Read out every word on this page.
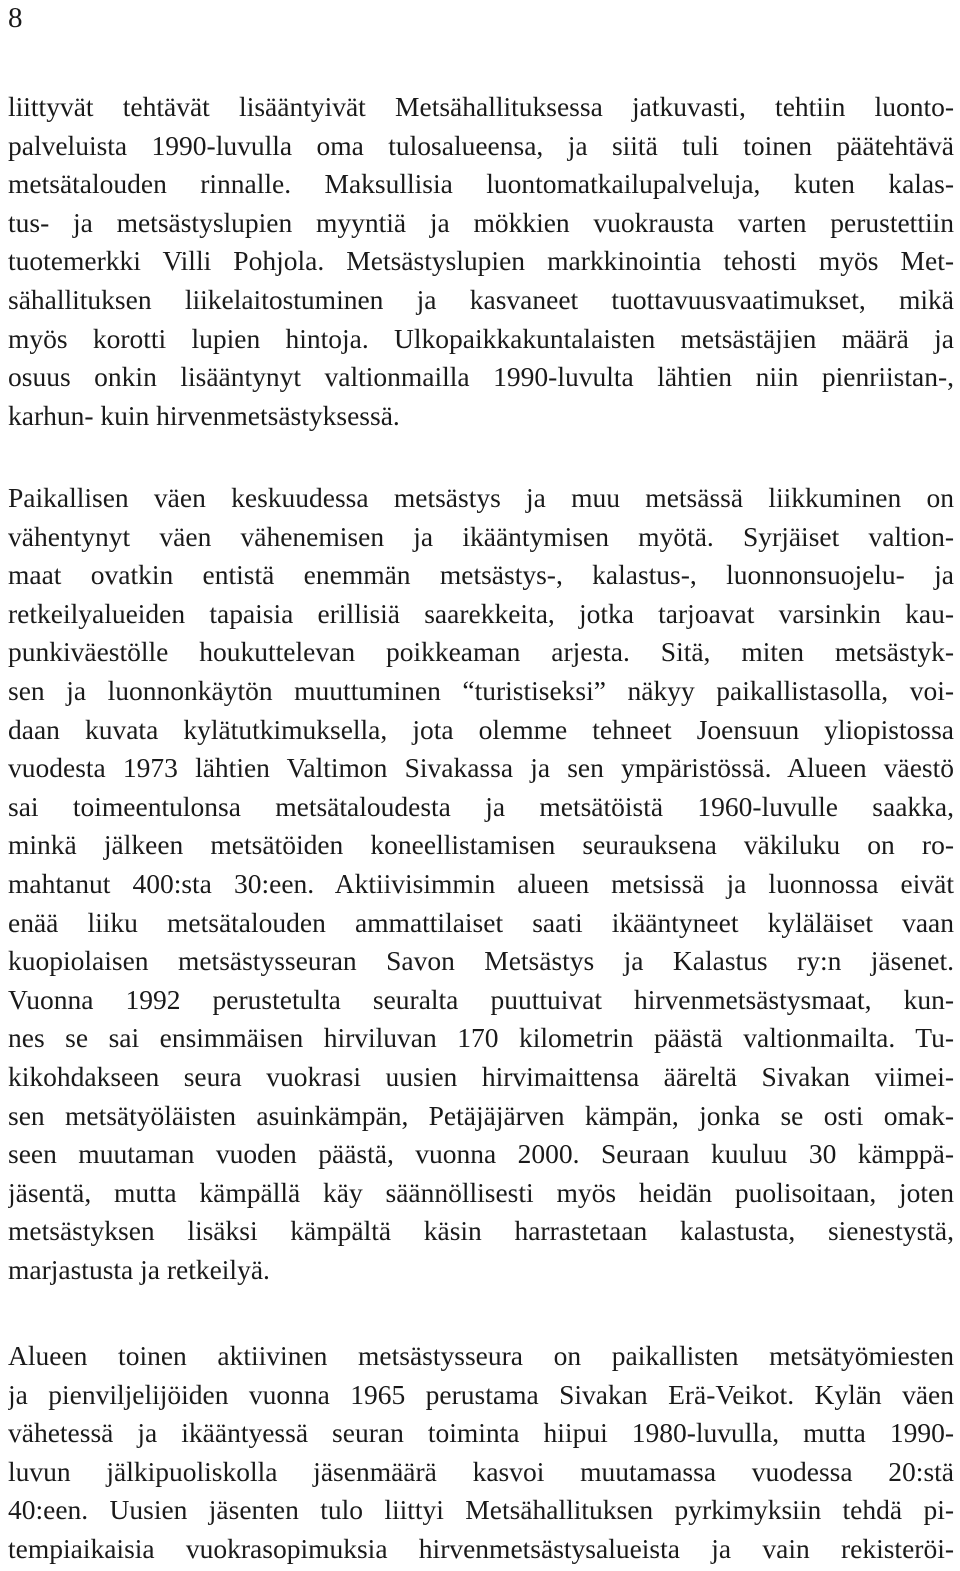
8
liittyvät tehtävät lisääntyivät Metsähallituksessa jatkuvasti, tehtiin luonto-
palveluista 1990-luvulla oma tulosalueensa, ja siitä tuli toinen päätehtävä
metsätalouden rinnalle. Maksullisia luontomatkailupalveluja, kuten kalas-
tus- ja metsästyslupien myyntiä ja mökkien vuokrausta varten perustettiin
tuotemerkki Villi Pohjola. Metsästyslupien markkinointia tehosti myös Met-
sähallituksen liikelaitostuminen ja kasvaneet tuottavuusvaatimukset, mikä
myös korotti lupien hintoja. Ulkopaikkakuntalaisten metsästäjien määrä ja
osuus onkin lisääntynyt valtionmailla 1990-luvulta lähtien niin pienriistan-,
karhun- kuin hirvenmetsästyksessä.
Paikallisen väen keskuudessa metsästys ja muu metsässä liikkuminen on
vähentynyt väen vähenemisen ja ikääntymisen myötä. Syrjäiset valtion-
maat ovatkin entistä enemmän metsästys-, kalastus-, luonnonsuojelu- ja
retkeilyalueiden tapaisia erillisiä saarekkeita, jotka tarjoavat varsinkin kau-
punkiväestölle houkuttelevan poikkeaman arjesta. Sitä, miten metsästyk-
sen ja luonnonkäytön muuttuminen “turistiseksi” näkyy paikallistasolla, voi-
daan kuvata kylätutkimuksella, jota olemme tehneet Joensuun yliopistossa
vuodesta 1973 lähtien Valtimon Sivakassa ja sen ympäristössä. Alueen väestö
sai toimeentulonsa metsätaloudesta ja metsätöistä 1960-luvulle saakka,
minkä jälkeen metsätöiden koneellistamisen seurauksena väkiluku on ro-
mahtanut 400:sta 30:een. Aktiivisimmin alueen metsissä ja luonnossa eivät
enää liiku metsätalouden ammattilaiset saati ikääntyneet kyläläiset vaan
kuopiolaisen metsästysseuran Savon Metsästys ja Kalastus ry:n jäsenet.
Vuonna 1992 perustetulta seuralta puuttuivat hirvenmetsästysmaat, kun-
nes se sai ensimmäisen hirviluvan 170 kilometrin päästä valtionmailta. Tu-
kikohdakseen seura vuokrasi uusien hirvimaittensa ääreltä Sivakan viimei-
sen metsätyöläisten asuinkämpän, Petäjäjärven kämpän, jonka se osti omak-
seen muutaman vuoden päästä, vuonna 2000. Seuraan kuuluu 30 kämppä-
jäsentä, mutta kämpällä käy säännöllisesti myös heidän puolisoitaan, joten
metsästyksen lisäksi kämpältä käsin harrastetaan kalastusta, sienestystä,
marjastusta ja retkeilyä.
Alueen toinen aktiivinen metsästysseura on paikallisten metsätyömiesten
ja pienviljelijöiden vuonna 1965 perustama Sivakan Erä-Veikot. Kylän väen
vähetessä ja ikääntyessä seuran toiminta hiipui 1980-luvulla, mutta 1990-
luvun jälkipuoliskolla jäsenmäärä kasvoi muutamassa vuodessa 20:stä
40:een. Uusien jäsenten tulo liittyi Metsähallituksen pyrkimyksiin tehdä pi-
tempiaikaisia vuokrasopimuksia hirvenmetsästysalueista ja vain rekisteröi-
